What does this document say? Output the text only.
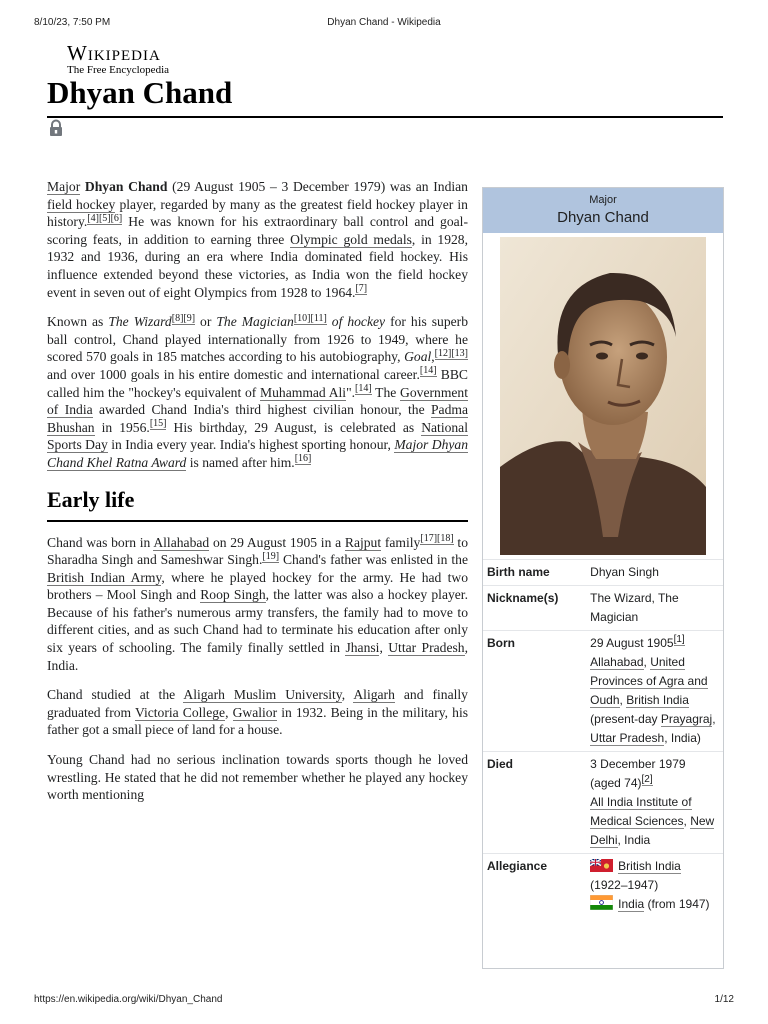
8/10/23, 7:50 PM	Dhyan Chand - Wikipedia
Wikipedia
The Free Encyclopedia
Dhyan Chand

Major Dhyan Chand (29 August 1905 – 3 December 1979) was an Indian field hockey player, regarded by many as the greatest field hockey player in history.[4][5][6] He was known for his extraordinary ball control and goal-scoring feats, in addition to earning three Olympic gold medals, in 1928, 1932 and 1936, during an era where India dominated field hockey. His influence extended beyond these victories, as India won the field hockey event in seven out of eight Olympics from 1928 to 1964.[7]

Known as The Wizard[8][9] or The Magician[10][11] of hockey for his superb ball control, Chand played internationally from 1926 to 1949, where he scored 570 goals in 185 matches according to his autobiography, Goal,[12][13] and over 1000 goals in his entire domestic and international career.[14] BBC called him the "hockey's equivalent of Muhammad Ali".[14] The Government of India awarded Chand India's third highest civilian honour, the Padma Bhushan in 1956.[15] His birthday, 29 August, is celebrated as National Sports Day in India every year. India's highest sporting honour, Major Dhyan Chand Khel Ratna Award is named after him.[16]

Early life

Chand was born in Allahabad on 29 August 1905 in a Rajput family[17][18] to Sharadha Singh and Sameshwar Singh.[19] Chand's father was enlisted in the British Indian Army, where he played hockey for the army. He had two brothers – Mool Singh and Roop Singh, the latter was also a hockey player. Because of his father's numerous army transfers, the family had to move to different cities, and as such Chand had to terminate his education after only six years of schooling. The family finally settled in Jhansi, Uttar Pradesh, India.

Chand studied at the Aligarh Muslim University, Aligarh and finally graduated from Victoria College, Gwalior in 1932. Being in the military, his father got a small piece of land for a house.

Young Chand had no serious inclination towards sports though he loved wrestling. He stated that he did not remember whether he played any hockey worth mentioning

Major
Dhyan Chand
Birth name	Dhyan Singh
Nickname(s)	The Wizard, The Magician
Born	29 August 1905[1]
Allahabad, United Provinces of Agra and Oudh, British India
(present-day Prayagraj, Uttar Pradesh, India)
Died	3 December 1979
(aged 74)[2]
All India Institute of Medical Sciences, New Delhi, India
Allegiance	British India
(1922–1947)
India (from 1947)
https://en.wikipedia.org/wiki/Dhyan_Chand	1/12
